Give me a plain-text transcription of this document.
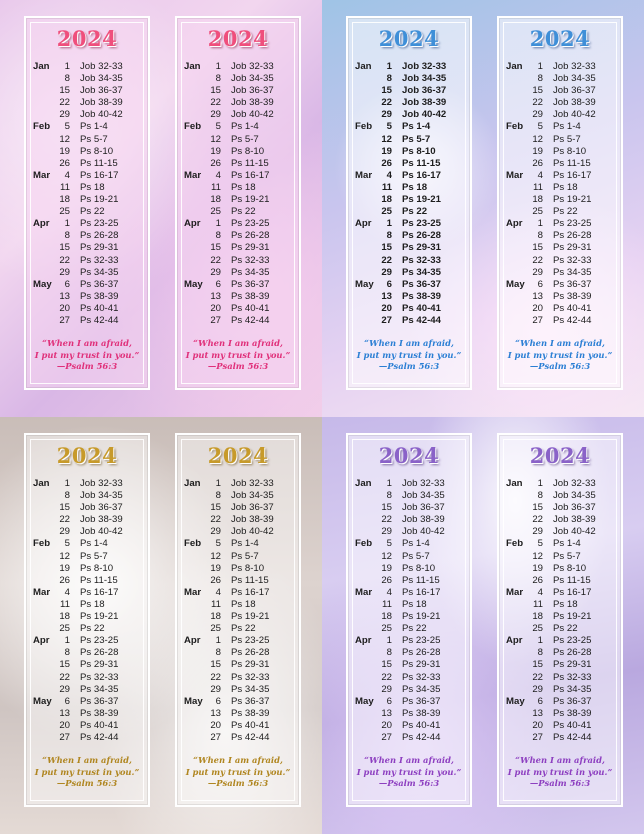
2024
Jan	1 Job 32-33
8 Job 34-35
15 Job 36-37
22 Job 38-39
29 Job 40-42
Feb	5 Ps 1-4
12 Ps 5-7
19 Ps 8-10
26 Ps 11-15
Mar	4 Ps 16-17
11 Ps 18
18 Ps 19-21
25 Ps 22
Apr	1 Ps 23-25
8 Ps 26-28
15 Ps 29-31
22 Ps 32-33
29 Ps 34-35
May	6 Ps 36-37
13 Ps 38-39
20 Ps 40-41
27 Ps 42-44
“When I am afraid,
I put my trust in you.”
—Psalm 56:3
2024
Jan	1 Job 32-33
8 Job 34-35
15 Job 36-37
22 Job 38-39
29 Job 40-42
Feb	5 Ps 1-4
12 Ps 5-7
19 Ps 8-10
26 Ps 11-15
Mar	4 Ps 16-17
11 Ps 18
18 Ps 19-21
25 Ps 22
Apr	1 Ps 23-25
8 Ps 26-28
15 Ps 29-31
22 Ps 32-33
29 Ps 34-35
May	6 Ps 36-37
13 Ps 38-39
20 Ps 40-41
27 Ps 42-44
“When I am afraid,
I put my trust in you.”
—Psalm 56:3
2024
Jan	1 Job 32-33
8 Job 34-35
15 Job 36-37
22 Job 38-39
29 Job 40-42
Feb	5 Ps 1-4
12 Ps 5-7
19 Ps 8-10
26 Ps 11-15
Mar	4 Ps 16-17
11 Ps 18
18 Ps 19-21
25 Ps 22
Apr	1 Ps 23-25
8 Ps 26-28
15 Ps 29-31
22 Ps 32-33
29 Ps 34-35
May	6 Ps 36-37
13 Ps 38-39
20 Ps 40-41
27 Ps 42-44
“When I am afraid,
I put my trust in you.”
—Psalm 56:3
2024
Jan	1 Job 32-33
8 Job 34-35
15 Job 36-37
22 Job 38-39
29 Job 40-42
Feb	5 Ps 1-4
12 Ps 5-7
19 Ps 8-10
26 Ps 11-15
Mar	4 Ps 16-17
11 Ps 18
18 Ps 19-21
25 Ps 22
Apr	1 Ps 23-25
8 Ps 26-28
15 Ps 29-31
22 Ps 32-33
29 Ps 34-35
May	6 Ps 36-37
13 Ps 38-39
20 Ps 40-41
27 Ps 42-44
“When I am afraid,
I put my trust in you.”
—Psalm 56:3
2024
Jan	1 Job 32-33
8 Job 34-35
15 Job 36-37
22 Job 38-39
29 Job 40-42
Feb	5 Ps 1-4
12 Ps 5-7
19 Ps 8-10
26 Ps 11-15
Mar	4 Ps 16-17
11 Ps 18
18 Ps 19-21
25 Ps 22
Apr	1 Ps 23-25
8 Ps 26-28
15 Ps 29-31
22 Ps 32-33
29 Ps 34-35
May	6 Ps 36-37
13 Ps 38-39
20 Ps 40-41
27 Ps 42-44
“When I am afraid,
I put my trust in you.”
—Psalm 56:3
2024
Jan	1 Job 32-33
8 Job 34-35
15 Job 36-37
22 Job 38-39
29 Job 40-42
Feb	5 Ps 1-4
12 Ps 5-7
19 Ps 8-10
26 Ps 11-15
Mar	4 Ps 16-17
11 Ps 18
18 Ps 19-21
25 Ps 22
Apr	1 Ps 23-25
8 Ps 26-28
15 Ps 29-31
22 Ps 32-33
29 Ps 34-35
May	6 Ps 36-37
13 Ps 38-39
20 Ps 40-41
27 Ps 42-44
“When I am afraid,
I put my trust in you.”
—Psalm 56:3
2024
Jan	1 Job 32-33
8 Job 34-35
15 Job 36-37
22 Job 38-39
29 Job 40-42
Feb	5 Ps 1-4
12 Ps 5-7
19 Ps 8-10
26 Ps 11-15
Mar	4 Ps 16-17
11 Ps 18
18 Ps 19-21
25 Ps 22
Apr	1 Ps 23-25
8 Ps 26-28
15 Ps 29-31
22 Ps 32-33
29 Ps 34-35
May	6 Ps 36-37
13 Ps 38-39
20 Ps 40-41
27 Ps 42-44
“When I am afraid,
I put my trust in you.”
—Psalm 56:3
2024
Jan	1 Job 32-33
8 Job 34-35
15 Job 36-37
22 Job 38-39
29 Job 40-42
Feb	5 Ps 1-4
12 Ps 5-7
19 Ps 8-10
26 Ps 11-15
Mar	4 Ps 16-17
11 Ps 18
18 Ps 19-21
25 Ps 22
Apr	1 Ps 23-25
8 Ps 26-28
15 Ps 29-31
22 Ps 32-33
29 Ps 34-35
May	6 Ps 36-37
13 Ps 38-39
20 Ps 40-41
27 Ps 42-44
“When I am afraid,
I put my trust in you.”
—Psalm 56:3
